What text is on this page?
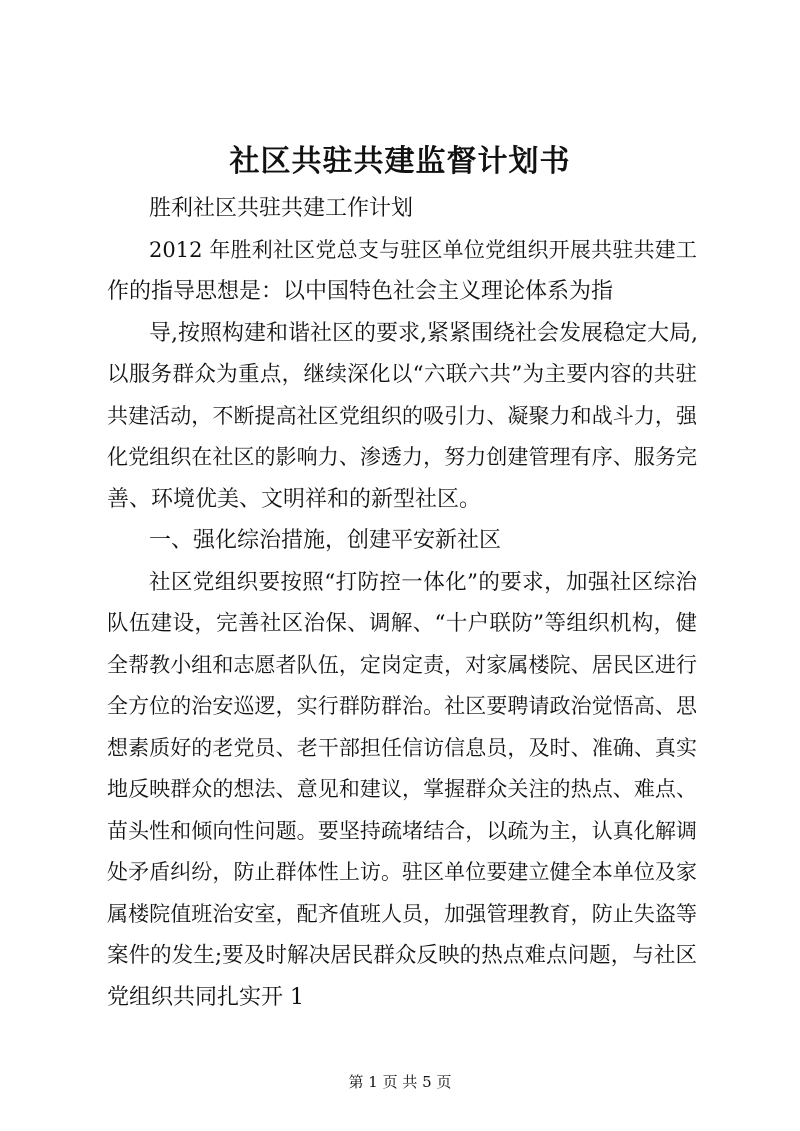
社区共驻共建监督计划书

胜利社区共驻共建工作计划

2012 年胜利社区党总支与驻区单位党组织开展共驻共建工

作的指导思想是：以中国特色社会主义理论体系为指

导,按照构建和谐社区的要求,紧紧围绕社会发展稳定大局,

以服务群众为重点，继续深化以“六联六共”为主要内容的共驻

共建活动，不断提高社区党组织的吸引力、凝聚力和战斗力，强

化党组织在社区的影响力、渗透力，努力创建管理有序、服务完

善、环境优美、文明祥和的新型社区。

一、强化综治措施，创建平安新社区

社区党组织要按照“打防控一体化”的要求，加强社区综治

队伍建设，完善社区治保、调解、“十户联防”等组织机构，健

全帮教小组和志愿者队伍，定岗定责，对家属楼院、居民区进行

全方位的治安巡逻，实行群防群治。社区要聘请政治觉悟高、思

想素质好的老党员、老干部担任信访信息员，及时、准确、真实

地反映群众的想法、意见和建议，掌握群众关注的热点、难点、

苗头性和倾向性问题。要坚持疏堵结合，以疏为主，认真化解调

处矛盾纠纷，防止群体性上访。驻区单位要建立健全本单位及家

属楼院值班治安室，配齐值班人员，加强管理教育，防止失盗等

案件的发生;要及时解决居民群众反映的热点难点问题，与社区

党组织共同扎实开 1

第 1 页 共 5 页
